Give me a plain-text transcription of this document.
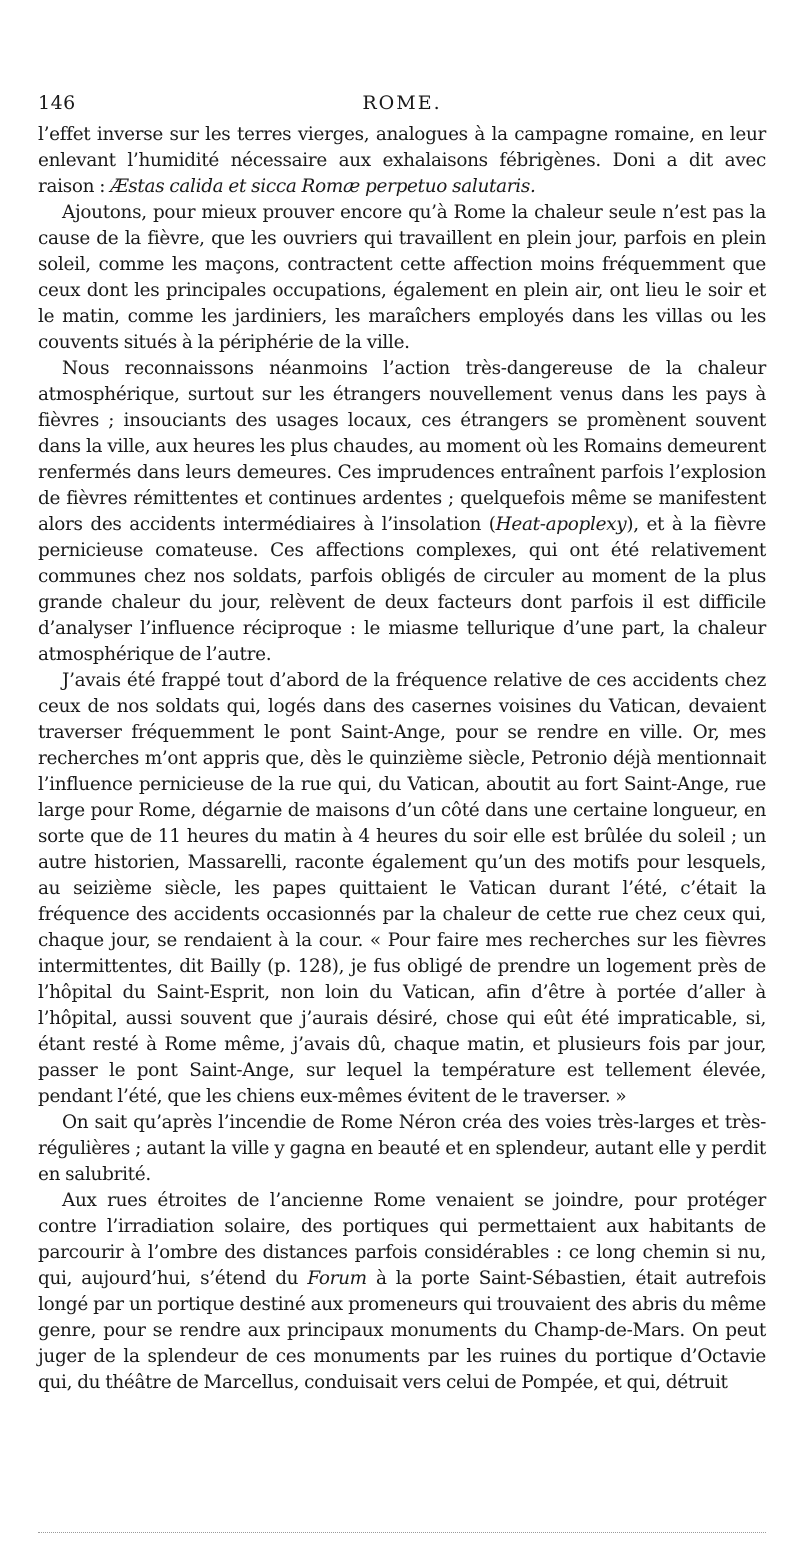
146	ROME.

l’effet inverse sur les terres vierges, analogues à la campagne romaine, en leur enlevant l’humidité nécessaire aux exhalaisons fébrigènes. Doni a dit avec raison : Æstas calida et sicca Romæ perpetuo salutaris.

Ajoutons, pour mieux prouver encore qu’à Rome la chaleur seule n’est pas la cause de la fièvre, que les ouvriers qui travaillent en plein jour, parfois en plein soleil, comme les maçons, contractent cette affection moins fréquemment que ceux dont les principales occupations, également en plein air, ont lieu le soir et le matin, comme les jardiniers, les maraîchers employés dans les villas ou les couvents situés à la périphérie de la ville.

Nous reconnaissons néanmoins l’action très-dangereuse de la chaleur atmosphérique, surtout sur les étrangers nouvellement venus dans les pays à fièvres ; insouciants des usages locaux, ces étrangers se promènent souvent dans la ville, aux heures les plus chaudes, au moment où les Romains demeurent renfermés dans leurs demeures. Ces imprudences entraînent parfois l’explosion de fièvres rémittentes et continues ardentes ; quelquefois même se manifestent alors des accidents intermédiaires à l’insolation (Heat-apoplexy), et à la fièvre pernicieuse comateuse. Ces affections complexes, qui ont été relativement communes chez nos soldats, parfois obligés de circuler au moment de la plus grande chaleur du jour, relèvent de deux facteurs dont parfois il est difficile d’analyser l’influence réciproque : le miasme tellurique d’une part, la chaleur atmosphérique de l’autre.

J’avais été frappé tout d’abord de la fréquence relative de ces accidents chez ceux de nos soldats qui, logés dans des casernes voisines du Vatican, devaient traverser fréquemment le pont Saint-Ange, pour se rendre en ville. Or, mes recherches m’ont appris que, dès le quinzième siècle, Petronio déjà mentionnait l’influence pernicieuse de la rue qui, du Vatican, aboutit au fort Saint-Ange, rue large pour Rome, dégarnie de maisons d’un côté dans une certaine longueur, en sorte que de 11 heures du matin à 4 heures du soir elle est brûlée du soleil ; un autre historien, Massarelli, raconte également qu’un des motifs pour lesquels, au seizième siècle, les papes quittaient le Vatican durant l’été, c’était la fréquence des accidents occasionnés par la chaleur de cette rue chez ceux qui, chaque jour, se rendaient à la cour. « Pour faire mes recherches sur les fièvres intermittentes, dit Bailly (p. 128), je fus obligé de prendre un logement près de l’hôpital du Saint-Esprit, non loin du Vatican, afin d’être à portée d’aller à l’hôpital, aussi souvent que j’aurais désiré, chose qui eût été impraticable, si, étant resté à Rome même, j’avais dû, chaque matin, et plusieurs fois par jour, passer le pont Saint-Ange, sur lequel la température est tellement élevée, pendant l’été, que les chiens eux-mêmes évitent de le traverser. »

On sait qu’après l’incendie de Rome Néron créa des voies très-larges et très-régulières ; autant la ville y gagna en beauté et en splendeur, autant elle y perdit en salubrité.

Aux rues étroites de l’ancienne Rome venaient se joindre, pour protéger contre l’irradiation solaire, des portiques qui permettaient aux habitants de parcourir à l’ombre des distances parfois considérables : ce long chemin si nu, qui, aujourd’hui, s’étend du Forum à la porte Saint-Sébastien, était autrefois longé par un portique destiné aux promeneurs qui trouvaient des abris du même genre, pour se rendre aux principaux monuments du Champ-de-Mars. On peut juger de la splendeur de ces monuments par les ruines du portique d’Octavie qui, du théâtre de Marcellus, conduisait vers celui de Pompée, et qui, détruit
